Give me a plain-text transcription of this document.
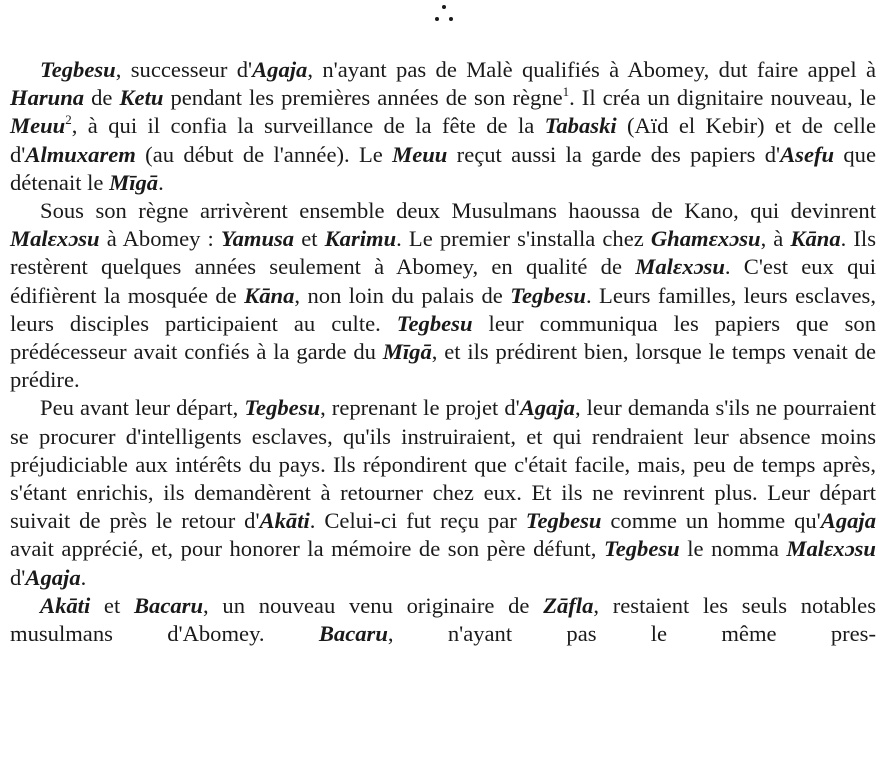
Tegbesu, successeur d'Agaja, n'ayant pas de Malè qualifiés à Abomey, dut faire appel à Haruna de Ketu pendant les premières années de son règne$^1$. Il créa un dignitaire nouveau, le Meuu$^2$, à qui il confia la surveillance de la fête de la Tabaski (Aïd el Kebir) et de celle d'Almuxarem (au début de l'année). Le Meuu reçut aussi la garde des papiers d'Asefu que détenait le Mīgā.

Sous son règne arrivèrent ensemble deux Musulmans haoussa de Kano, qui devinrent Malɛxɔsu à Abomey : Yamusa et Karimu. Le premier s'installa chez Ghamɛxɔsu, à Kāna. Ils restèrent quelques années seulement à Abomey, en qualité de Malɛxɔsu. C'est eux qui édifièrent la mosquée de Kāna, non loin du palais de Tegbesu. Leurs familles, leurs esclaves, leurs disciples participaient au culte. Tegbesu leur communiqua les papiers que son prédécesseur avait confiés à la garde du Mīgā, et ils prédirent bien, lorsque le temps venait de prédire.

Peu avant leur départ, Tegbesu, reprenant le projet d'Agaja, leur demanda s'ils ne pourraient se procurer d'intelligents esclaves, qu'ils instruiraient, et qui rendraient leur absence moins préjudiciable aux intérêts du pays. Ils répondirent que c'était facile, mais, peu de temps après, s'étant enrichis, ils demandèrent à retourner chez eux. Et ils ne revinrent plus. Leur départ suivait de près le retour d'Akāti. Celui-ci fut reçu par Tegbesu comme un homme qu'Agaja avait apprécié, et, pour honorer la mémoire de son père défunt, Tegbesu le nomma Malɛxɔsu d'Agaja.

Akāti et Bacaru, un nouveau venu originaire de Zāfla, restaient les seuls notables musulmans d'Abomey. Bacaru, n'ayant pas le même pres-
